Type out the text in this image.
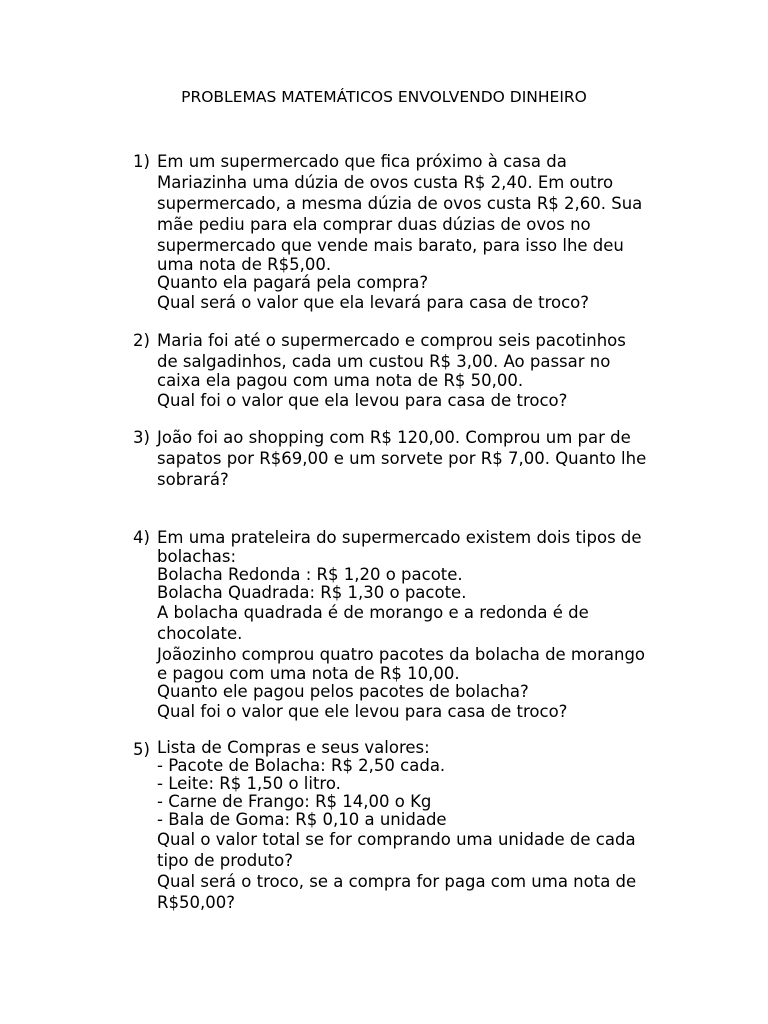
PROBLEMAS MATEMÁTICOS ENVOLVENDO DINHEIRO
1) Em um supermercado que fica próximo à casa da
Mariazinha uma dúzia de ovos custa R$ 2,40. Em outro
supermercado, a mesma dúzia de ovos custa R$ 2,60. Sua
mãe pediu para ela comprar duas dúzias de ovos no
supermercado que vende mais barato, para isso lhe deu
uma nota de R$5,00.
Quanto ela pagará pela compra?
Qual será o valor que ela levará para casa de troco?
2) Maria foi até o supermercado e comprou seis pacotinhos
de salgadinhos, cada um custou R$ 3,00. Ao passar no
caixa ela pagou com uma nota de R$ 50,00.
Qual foi o valor que ela levou para casa de troco?
3) João foi ao shopping com R$ 120,00. Comprou um par de
sapatos por R$69,00 e um sorvete por R$ 7,00. Quanto lhe
sobrará?
4) Em uma prateleira do supermercado existem dois tipos de
bolachas:
Bolacha Redonda : R$ 1,20 o pacote.
Bolacha Quadrada: R$ 1,30 o pacote.
A bolacha quadrada é de morango e a redonda é de
chocolate.
Joãozinho comprou quatro pacotes da bolacha de morango
e pagou com uma nota de R$ 10,00.
Quanto ele pagou pelos pacotes de bolacha?
Qual foi o valor que ele levou para casa de troco?
5) Lista de Compras e seus valores:
- Pacote de Bolacha: R$ 2,50 cada.
- Leite: R$ 1,50 o litro.
- Carne de Frango: R$ 14,00 o Kg
- Bala de Goma: R$ 0,10 a unidade
Qual o valor total se for comprando uma unidade de cada
tipo de produto?
Qual será o troco, se a compra for paga com uma nota de
R$50,00?
